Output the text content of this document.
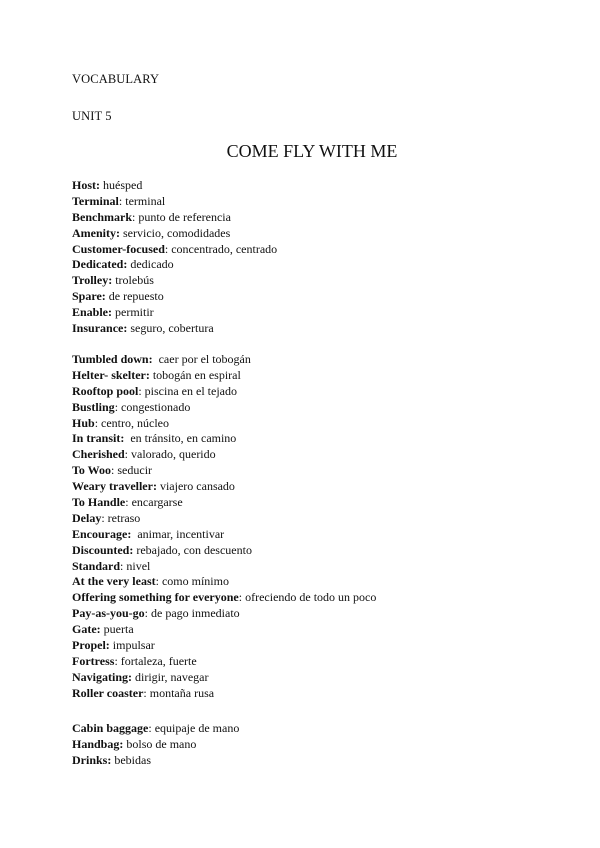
VOCABULARY
UNIT 5
COME FLY WITH ME
Host: huésped
Terminal: terminal
Benchmark: punto de referencia
Amenity: servicio, comodidades
Customer-focused: concentrado, centrado
Dedicated: dedicado
Trolley: trolebús
Spare: de repuesto
Enable: permitir
Insurance: seguro, cobertura
Tumbled down:  caer por el tobogán
Helter- skelter: tobogán en espiral
Rooftop pool: piscina en el tejado
Bustling: congestionado
Hub: centro, núcleo
In transit:  en tránsito, en camino
Cherished: valorado, querido
To Woo: seducir
Weary traveller: viajero cansado
To Handle: encargarse
Delay: retraso
Encourage:  animar, incentivar
Discounted: rebajado, con descuento
Standard: nivel
At the very least: como mínimo
Offering something for everyone: ofreciendo de todo un poco
Pay-as-you-go: de pago inmediato
Gate: puerta
Propel: impulsar
Fortress: fortaleza, fuerte
Navigating: dirigir, navegar
Roller coaster: montaña rusa
Cabin baggage: equipaje de mano
Handbag: bolso de mano
Drinks: bebidas
